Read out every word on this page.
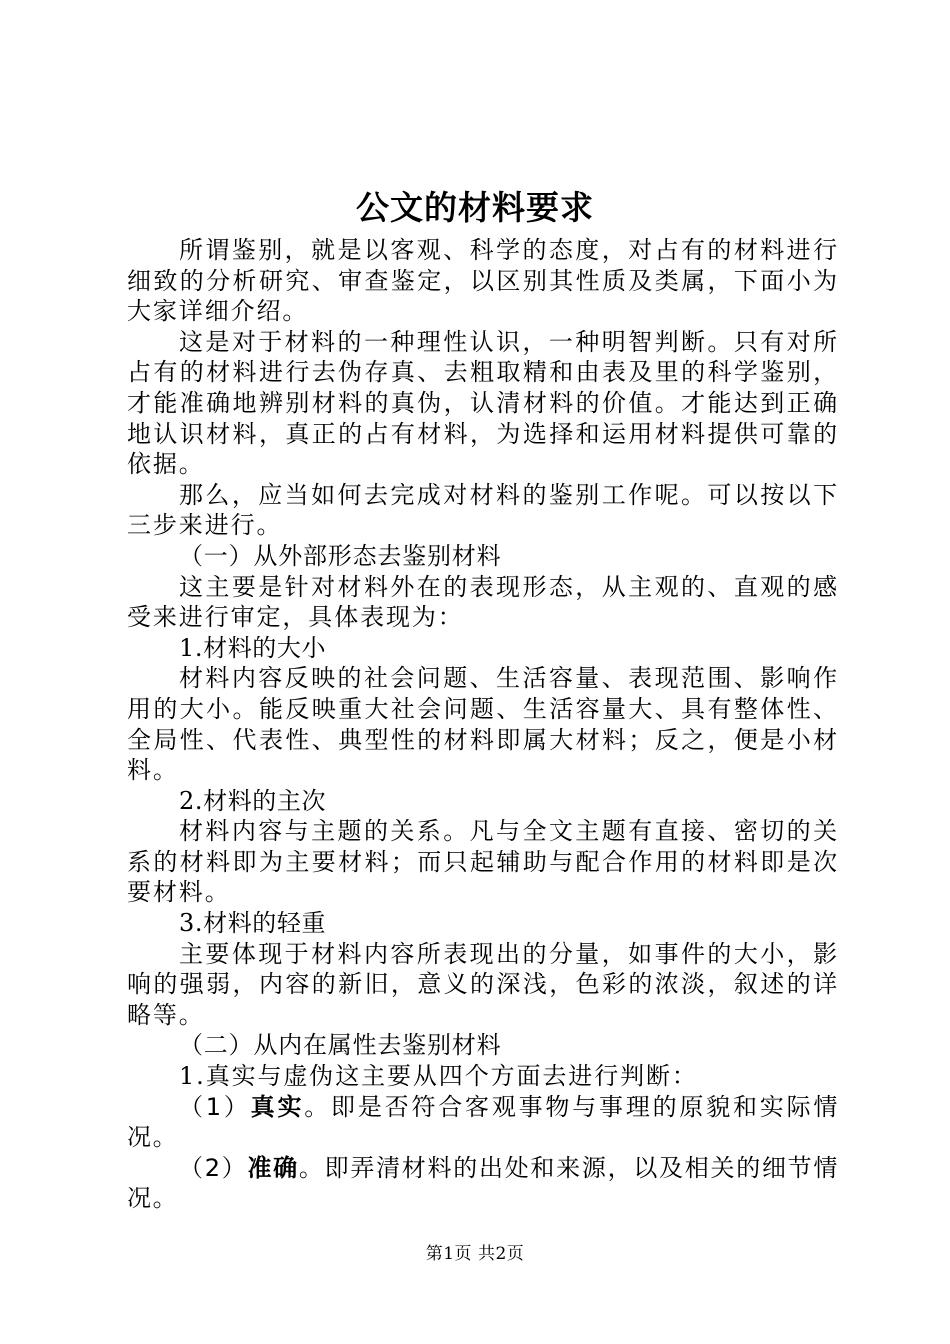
公文的材料要求

所谓鉴别，就是以客观、科学的态度，对占有的材料进行细致的分析研究、审查鉴定，以区别其性质及类属，下面小为大家详细介绍。

这是对于材料的一种理性认识，一种明智判断。只有对所占有的材料进行去伪存真、去粗取精和由表及里的科学鉴别，才能准确地辨别材料的真伪，认清材料的价值。才能达到正确地认识材料，真正的占有材料，为选择和运用材料提供可靠的依据。

那么，应当如何去完成对材料的鉴别工作呢。可以按以下三步来进行。

（一）从外部形态去鉴别材料

这主要是针对材料外在的表现形态，从主观的、直观的感受来进行审定，具体表现为：

1.材料的大小

材料内容反映的社会问题、生活容量、表现范围、影响作用的大小。能反映重大社会问题、生活容量大、具有整体性、全局性、代表性、典型性的材料即属大材料；反之，便是小材料。

2.材料的主次

材料内容与主题的关系。凡与全文主题有直接、密切的关系的材料即为主要材料；而只起辅助与配合作用的材料即是次要材料。

3.材料的轻重

主要体现于材料内容所表现出的分量，如事件的大小，影响的强弱，内容的新旧，意义的深浅，色彩的浓淡，叙述的详略等。

（二）从内在属性去鉴别材料

1.真实与虚伪这主要从四个方面去进行判断：

（1）真实。即是否符合客观事物与事理的原貌和实际情况。

（2）准确。即弄清材料的出处和来源，以及相关的细节情况。

第1页 共2页
